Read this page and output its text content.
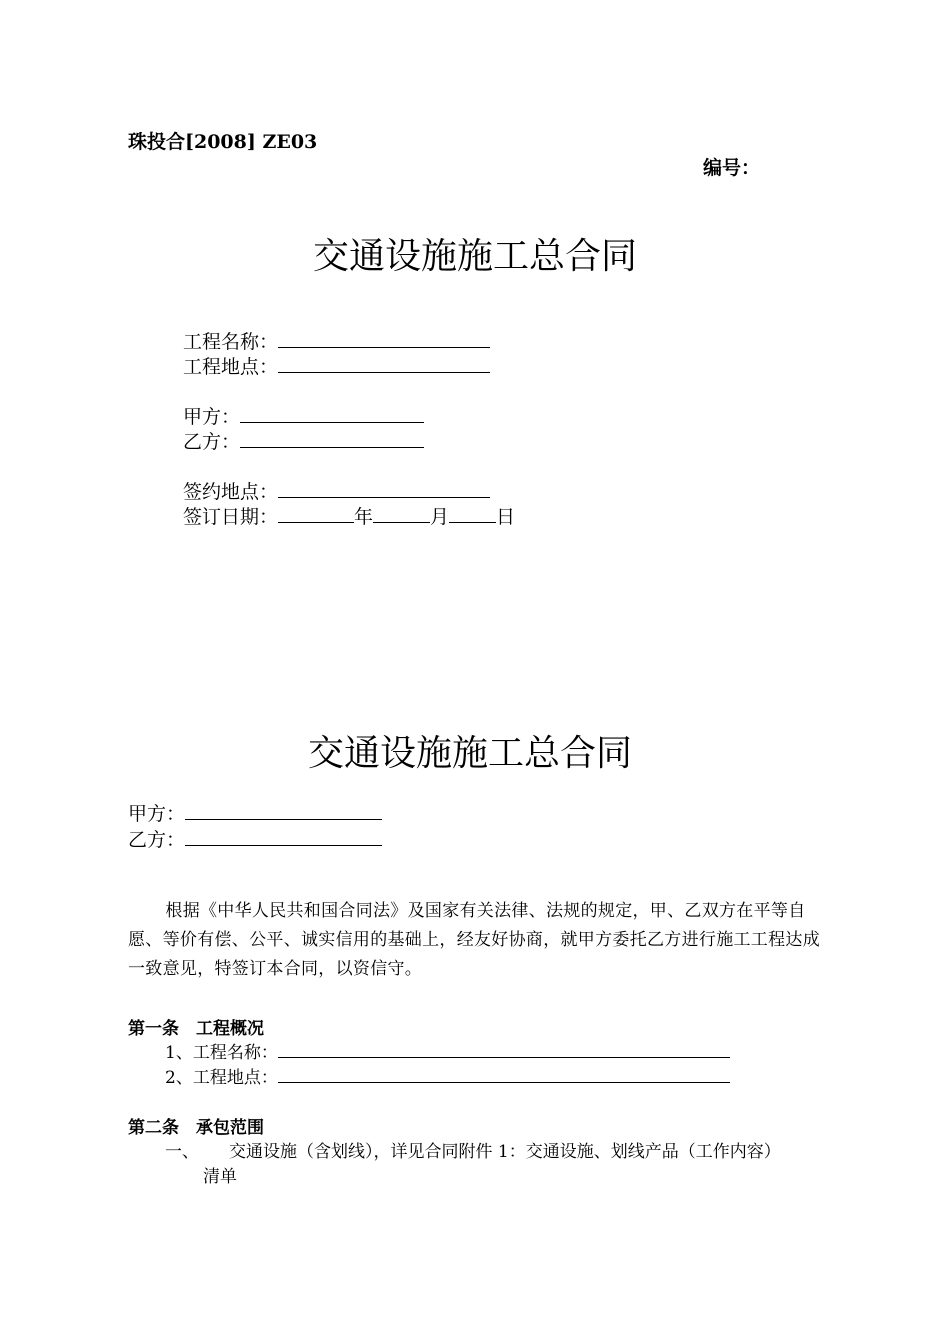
珠投合[2008] ZE03
编号：
交通设施施工总合同
工程名称：
工程地点：
甲方：
乙方：
签约地点：
签订日期：	年	月 日
交通设施施工总合同
甲方：
乙方：
根据《中华人民共和国合同法》及国家有关法律、法规的规定，甲、乙双方在平等自愿、等价有偿、公平、诚实信用的基础上，经友好协商，就甲方委托乙方进行施工工程达成一致意见，特签订本合同，以资信守。
第一条　工程概况
1、工程名称：
2、工程地点：
第二条　承包范围
一、 交通设施（含划线），详见合同附件 1：交通设施、划线产品（工作内容）
清单
